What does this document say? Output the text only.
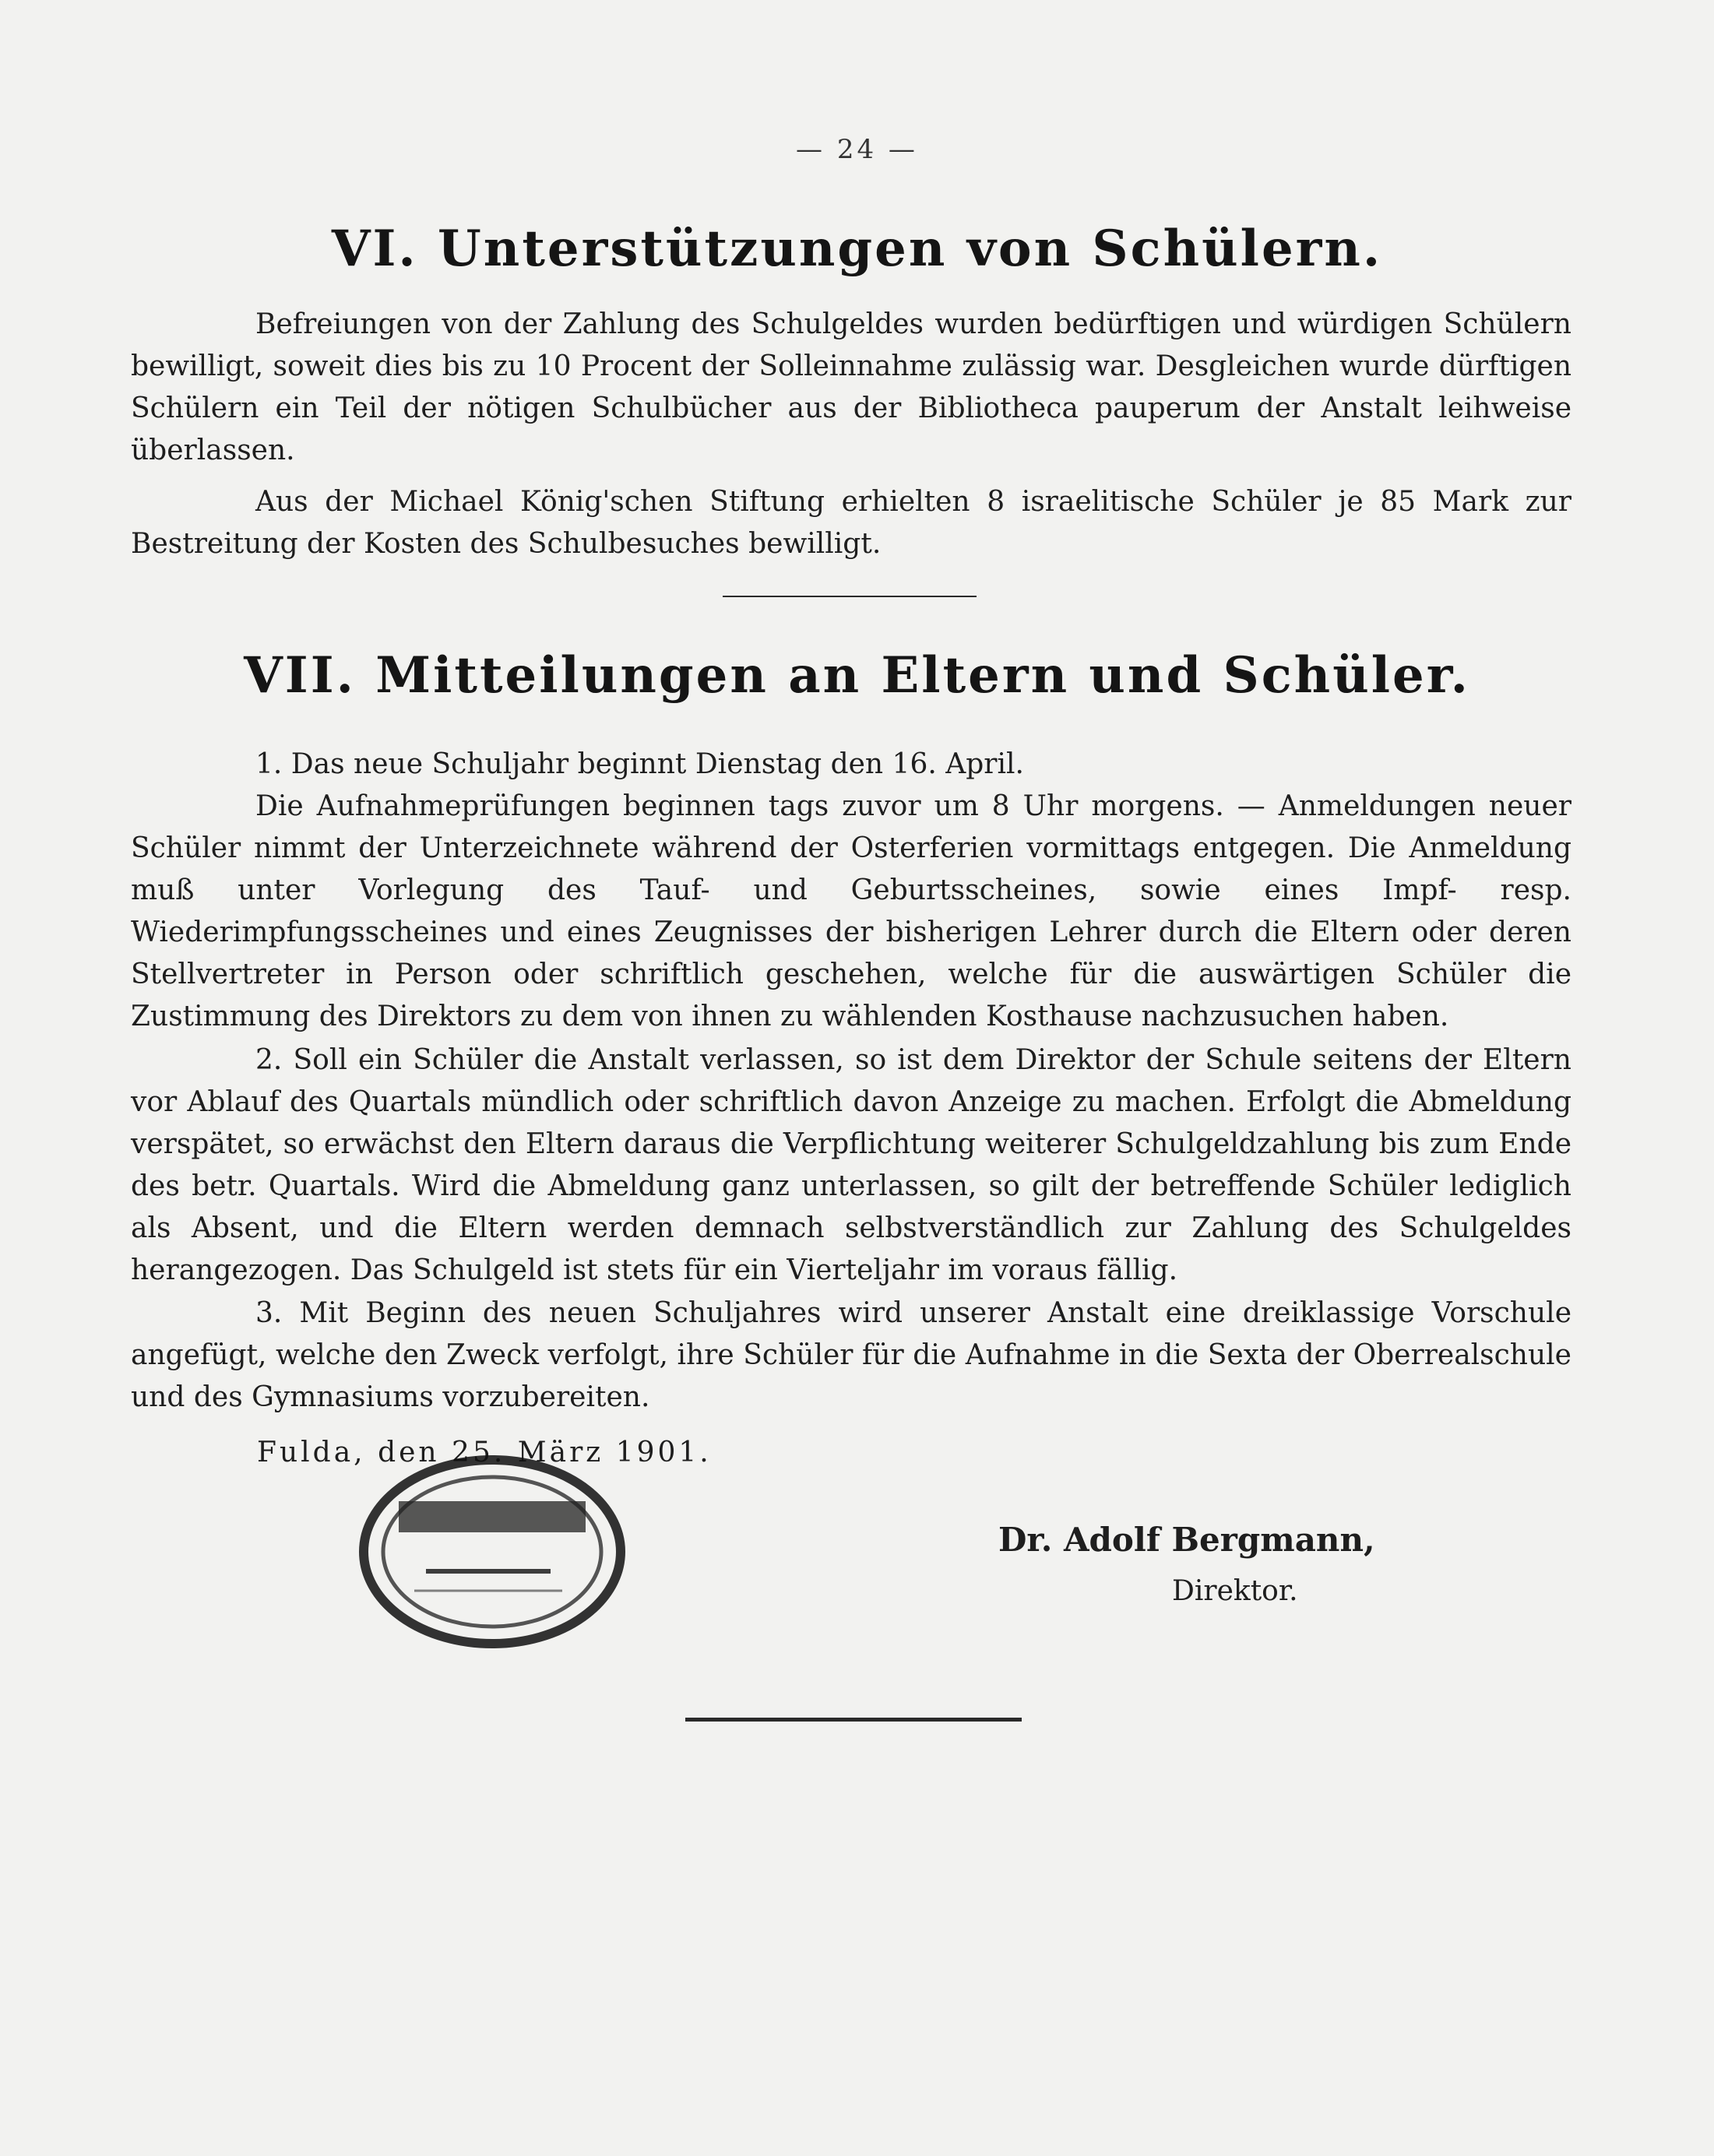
— 24 —
VI. Unterstützungen von Schülern.

Befreiungen von der Zahlung des Schulgeldes wurden bedürftigen und würdigen Schülern bewilligt, soweit dies bis zu 10 Procent der Solleinnahme zulässig war. Desgleichen wurde dürftigen Schülern ein Teil der nötigen Schulbücher aus der Bibliotheca pauperum der Anstalt leihweise überlassen.

Aus der Michael König'schen Stiftung erhielten 8 israelitische Schüler je 85 Mark zur Bestreitung der Kosten des Schulbesuches bewilligt.

VII. Mitteilungen an Eltern und Schüler.

1. Das neue Schuljahr beginnt Dienstag den 16. April.

Die Aufnahmeprüfungen beginnen tags zuvor um 8 Uhr morgens. — Anmeldungen neuer Schüler nimmt der Unterzeichnete während der Osterferien vormittags entgegen. Die Anmeldung muß unter Vorlegung des Tauf- und Geburtsscheines, sowie eines Impf- resp. Wiederimpfungsscheines und eines Zeugnisses der bisherigen Lehrer durch die Eltern oder deren Stellvertreter in Person oder schriftlich geschehen, welche für die auswärtigen Schüler die Zustimmung des Direktors zu dem von ihnen zu wählenden Kosthause nachzusuchen haben.

2. Soll ein Schüler die Anstalt verlassen, so ist dem Direktor der Schule seitens der Eltern vor Ablauf des Quartals mündlich oder schriftlich davon Anzeige zu machen. Erfolgt die Abmeldung verspätet, so erwächst den Eltern daraus die Verpflichtung weiterer Schulgeldzahlung bis zum Ende des betr. Quartals. Wird die Abmeldung ganz unterlassen, so gilt der betreffende Schüler lediglich als Absent, und die Eltern werden demnach selbstverständlich zur Zahlung des Schulgeldes herangezogen. Das Schulgeld ist stets für ein Vierteljahr im voraus fällig.

3. Mit Beginn des neuen Schuljahres wird unserer Anstalt eine dreiklassige Vorschule angefügt, welche den Zweck verfolgt, ihre Schüler für die Aufnahme in die Sexta der Oberrealschule und des Gymnasiums vorzubereiten.

Fulda, den 25. März 1901.
Dr. Adolf Bergmann,
Direktor.
